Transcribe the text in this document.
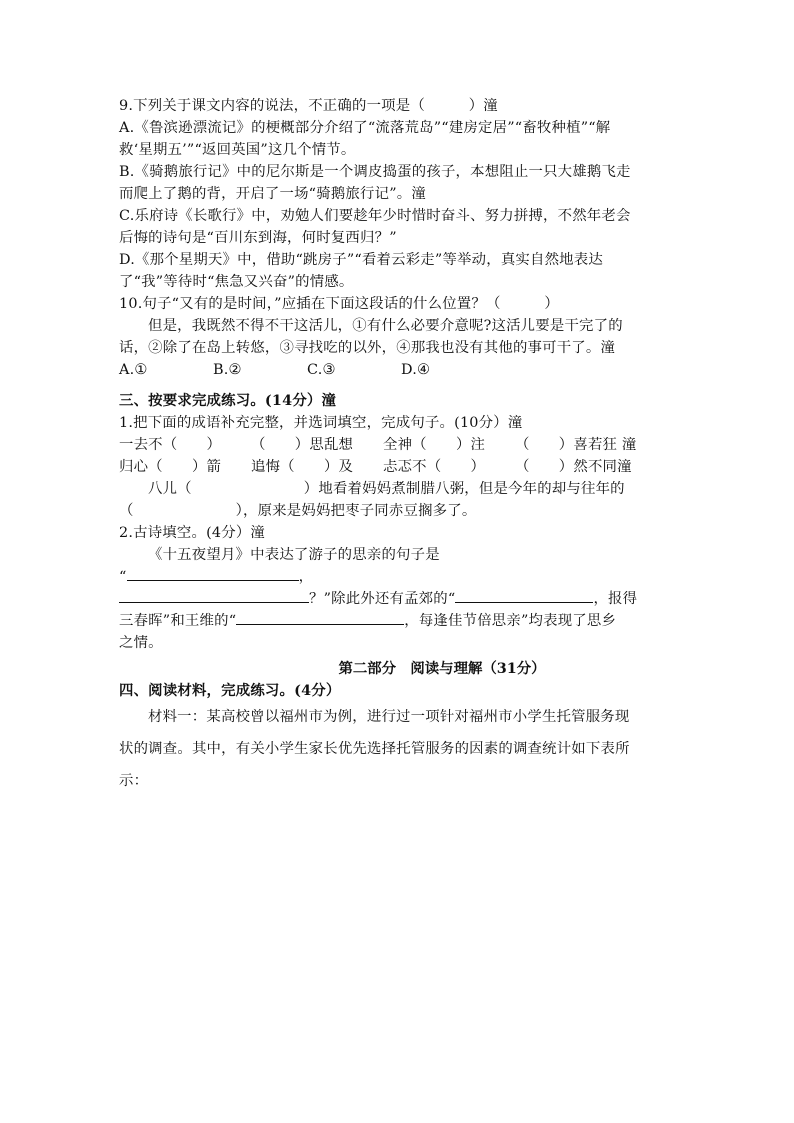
9.下列关于课文内容的说法，不正确的一项是（　　　）潼
A.《鲁滨逊漂流记》的梗概部分介绍了“流落荒岛”“建房定居”“畜牧种植”“解
救‘星期五’”“返回英国”这几个情节。
B.《骑鹅旅行记》中的尼尔斯是一个调皮捣蛋的孩子，本想阻止一只大雄鹅飞走
而爬上了鹅的背，开启了一场“骑鹅旅行记”。潼
C.乐府诗《长歌行》中，劝勉人们要趁年少时惜时奋斗、努力拼搏，不然年老会
后悔的诗句是“百川东到海，何时复西归？”
D.《那个星期天》中，借助“跳房子”“看着云彩走”等举动，真实自然地表达
了“我”等待时“焦急又兴奋”的情感。
10.句子“又有的是时间，”应插在下面这段话的什么位置？（　　　）
但是，我既然不得不干这活儿，①有什么必要介意呢?这活儿要是干完了的
话，②除了在岛上转悠，③寻找吃的以外，④那我也没有其他的事可干了。潼
A.①	B.②	C.③	D.④
三、按要求完成练习。(14分）潼
1.把下面的成语补充完整，并选词填空，完成句子。(10分）潼
一去不（　　） （　　）思乱想 全神（　　）注 （　　）喜若狂 潼
归心（　　）箭 追悔（　　）及 忐忑不（　　） （　　）然不同潼
八儿（	）地看着妈妈煮制腊八粥，但是今年的却与往年的
（	），原来是妈妈把枣子同赤豆搁多了。
2.古诗填空。(4分）潼
《十五夜望月》中表达了游子的思亲的句子是
“	，
？”除此外还有孟郊的“	，报得
三春晖”和王维的“	，每逢佳节倍思亲”均表现了思乡
之情。
第二部分　阅读与理解（31分）
四、阅读材料，完成练习。(4分）
材料一：某高校曾以福州市为例，进行过一项针对福州市小学生托管服务现
状的调查。其中，有关小学生家长优先选择托管服务的因素的调查统计如下表所
示：
